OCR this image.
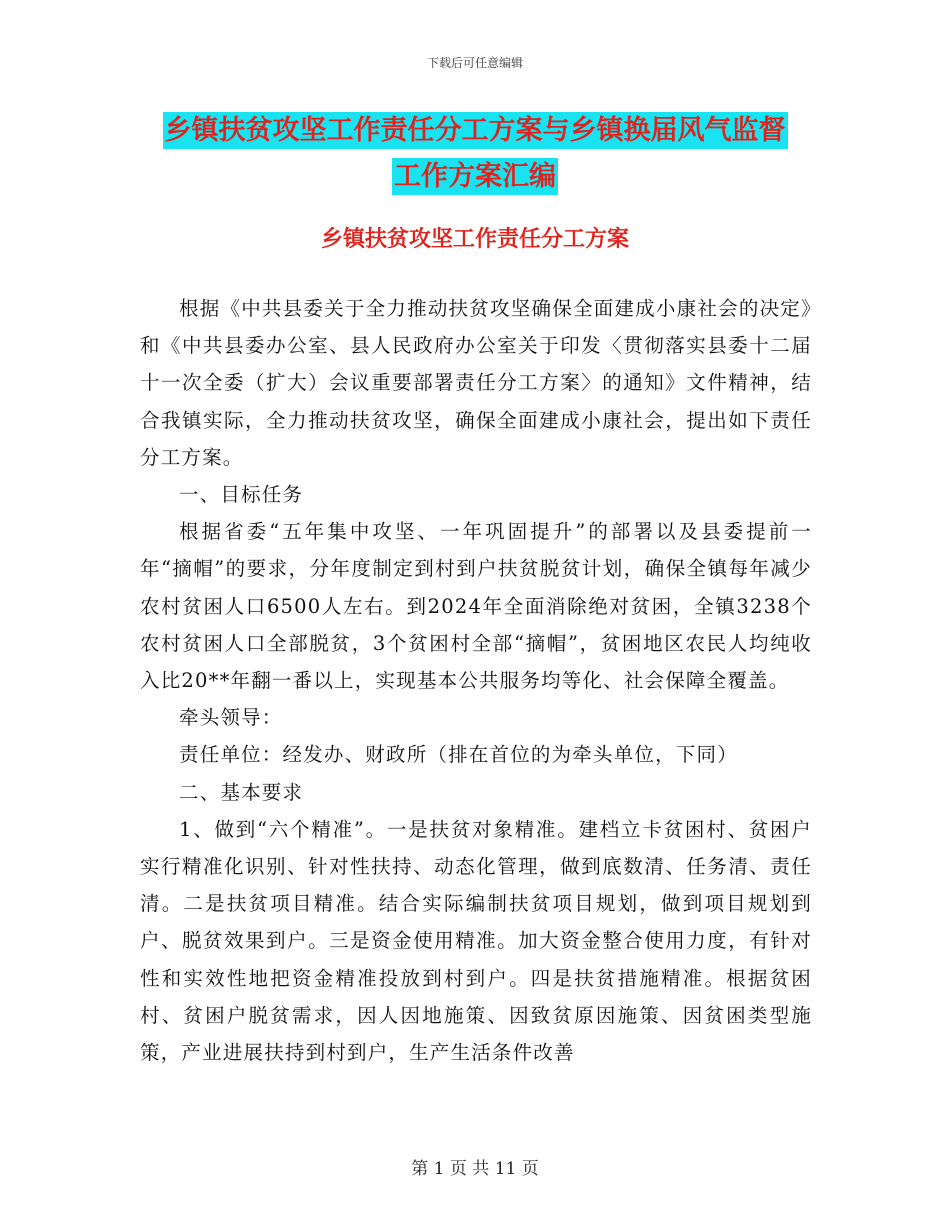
下载后可任意编辑
乡镇扶贫攻坚工作责任分工方案与乡镇换届风气监督
工作方案汇编
乡镇扶贫攻坚工作责任分工方案

根据《中共县委关于全力推动扶贫攻坚确保全面建成小康社会的决定》和《中共县委办公室、县人民政府办公室关于印发〈贯彻落实县委十二届十一次全委（扩大）会议重要部署责任分工方案〉的通知》文件精神，结合我镇实际，全力推动扶贫攻坚，确保全面建成小康社会，提出如下责任分工方案。

一、目标任务

根据省委“五年集中攻坚、一年巩固提升”的部署以及县委提前一年“摘帽”的要求，分年度制定到村到户扶贫脱贫计划，确保全镇每年减少农村贫困人口6500人左右。到2024年全面消除绝对贫困，全镇3238个农村贫困人口全部脱贫，3个贫困村全部“摘帽”，贫困地区农民人均纯收入比20**年翻一番以上，实现基本公共服务均等化、社会保障全覆盖。

牵头领导：

责任单位：经发办、财政所（排在首位的为牵头单位，下同）

二、基本要求

1、做到“六个精准”。一是扶贫对象精准。建档立卡贫困村、贫困户实行精准化识别、针对性扶持、动态化管理，做到底数清、任务清、责任清。二是扶贫项目精准。结合实际编制扶贫项目规划，做到项目规划到户、脱贫效果到户。三是资金使用精准。加大资金整合使用力度，有针对性和实效性地把资金精准投放到村到户。四是扶贫措施精准。根据贫困村、贫困户脱贫需求，因人因地施策、因致贫原因施策、因贫困类型施策，产业进展扶持到村到户，生产生活条件改善

第 1 页 共 11 页
